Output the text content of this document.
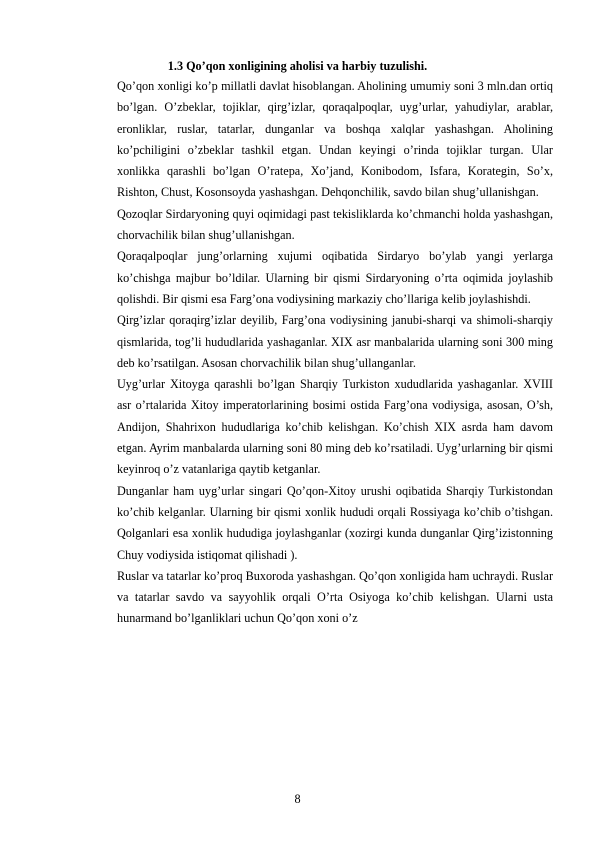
1.3 Qo’qon xonligining aholisi va harbiy tuzulishi.

Qo’qon xonligi ko’p millatli davlat hisoblangan. Aholining umumiy soni 3 mln.dan ortiq bo’lgan. O’zbeklar, tojiklar, qirg’izlar, qoraqalpoqlar, uyg’urlar, yahudiylar, arablar, eronliklar, ruslar, tatarlar, dunganlar va boshqa xalqlar yashashgan. Aholining ko’pchiligini o’zbeklar tashkil etgan. Undan keyingi o’rinda tojiklar turgan. Ular xonlikka qarashli bo’lgan O’ratepa, Xo’jand, Konibodom, Isfara, Korategin, So’x, Rishton, Chust, Kosonsoyda yashashgan. Dehqonchilik, savdo bilan shug’ullanishgan.

Qozoqlar Sirdaryoning quyi oqimidagi past tekisliklarda ko’chmanchi holda yashashgan, chorvachilik bilan shug’ullanishgan.

Qoraqalpoqlar jung’orlarning xujumi oqibatida Sirdaryo bo’ylab yangi yerlarga ko’chishga majbur bo’ldilar. Ularning bir qismi Sirdaryoning o’rta oqimida joylashib qolishdi. Bir qismi esa Farg’ona vodiysining markaziy cho’llariga kelib joylashishdi.

Qirg’izlar qoraqirg’izlar deyilib, Farg’ona vodiysining janubi-sharqi va shimoli-sharqiy qismlarida, tog’li hududlarida yashaganlar. XIX asr manbalarida ularning soni 300 ming deb ko’rsatilgan. Asosan chorvachilik bilan shug’ullanganlar.

Uyg’urlar Xitoyga qarashli bo’lgan Sharqiy Turkiston xududlarida yashaganlar. XVIII asr o’rtalarida Xitoy imperatorlarining bosimi ostida Farg’ona vodiysiga, asosan, O’sh, Andijon, Shahrixon hududlariga ko’chib kelishgan. Ko’chish XIX asrda ham davom etgan. Ayrim manbalarda ularning soni 80 ming deb ko’rsatiladi. Uyg’urlarning bir qismi keyinroq o’z vatanlariga qaytib ketganlar.

Dunganlar ham uyg’urlar singari Qo’qon-Xitoy urushi oqibatida Sharqiy Turkistondan ko’chib kelganlar. Ularning bir qismi xonlik hududi orqali Rossiyaga ko’chib o’tishgan. Qolganlari esa xonlik hududiga joylashganlar (xozirgi kunda dunganlar Qirg’izistonning Chuy vodiysida istiqomat qilishadi ).

Ruslar va tatarlar ko’proq Buxoroda yashashgan. Qo’qon xonligida ham uchraydi. Ruslar va tatarlar savdo va sayyohlik orqali O’rta Osiyoga ko’chib kelishgan. Ularni usta hunarmand bo’lganliklari uchun Qo’qon xoni o’z

8
